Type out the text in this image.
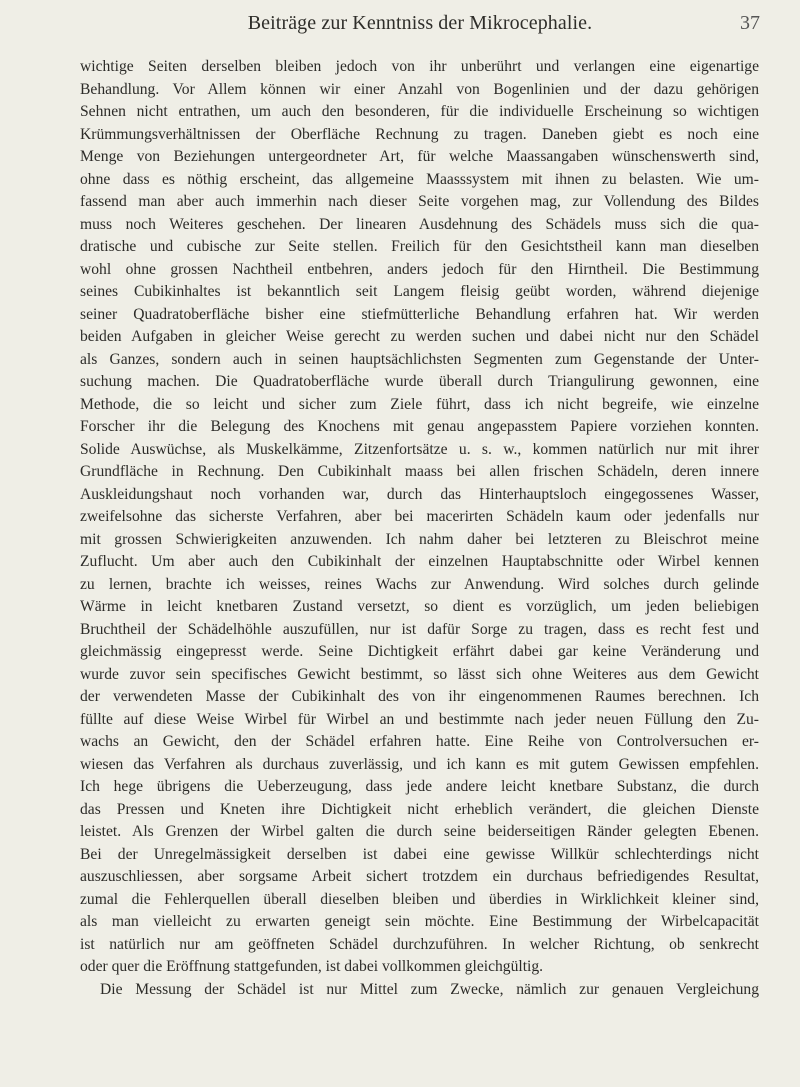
Beiträge zur Kenntniss der Mikrocephalie.	37
wichtige Seiten derselben bleiben jedoch von ihr unberührt und verlangen eine eigenartige
Behandlung. Vor Allem können wir einer Anzahl von Bogenlinien und der dazu gehörigen
Sehnen nicht entrathen, um auch den besonderen, für die individuelle Erscheinung so wichtigen
Krümmungsverhältnissen der Oberfläche Rechnung zu tragen. Daneben giebt es noch eine
Menge von Beziehungen untergeordneter Art, für welche Maassangaben wünschenswerth sind,
ohne dass es nöthig erscheint, das allgemeine Maasssystem mit ihnen zu belasten. Wie um-
fassend man aber auch immerhin nach dieser Seite vorgehen mag, zur Vollendung des Bildes
muss noch Weiteres geschehen. Der linearen Ausdehnung des Schädels muss sich die qua-
dratische und cubische zur Seite stellen. Freilich für den Gesichtstheil kann man dieselben
wohl ohne grossen Nachtheil entbehren, anders jedoch für den Hirntheil. Die Bestimmung
seines Cubikinhaltes ist bekanntlich seit Langem fleisig geübt worden, während diejenige
seiner Quadratoberfläche bisher eine stiefmütterliche Behandlung erfahren hat. Wir werden
beiden Aufgaben in gleicher Weise gerecht zu werden suchen und dabei nicht nur den Schädel
als Ganzes, sondern auch in seinen hauptsächlichsten Segmenten zum Gegenstande der Unter-
suchung machen. Die Quadratoberfläche wurde überall durch Triangulirung gewonnen, eine
Methode, die so leicht und sicher zum Ziele führt, dass ich nicht begreife, wie einzelne
Forscher ihr die Belegung des Knochens mit genau angepasstem Papiere vorziehen konnten.
Solide Auswüchse, als Muskelkämme, Zitzenfortsätze u. s. w., kommen natürlich nur mit ihrer
Grundfläche in Rechnung. Den Cubikinhalt maass bei allen frischen Schädeln, deren innere
Auskleidungshaut noch vorhanden war, durch das Hinterhauptsloch eingegossenes Wasser,
zweifelsohne das sicherste Verfahren, aber bei macerirten Schädeln kaum oder jedenfalls nur
mit grossen Schwierigkeiten anzuwenden. Ich nahm daher bei letzteren zu Bleischrot meine
Zuflucht. Um aber auch den Cubikinhalt der einzelnen Hauptabschnitte oder Wirbel kennen
zu lernen, brachte ich weisses, reines Wachs zur Anwendung. Wird solches durch gelinde
Wärme in leicht knetbaren Zustand versetzt, so dient es vorzüglich, um jeden beliebigen
Bruchtheil der Schädelhöhle auszufüllen, nur ist dafür Sorge zu tragen, dass es recht fest und
gleichmässig eingepresst werde. Seine Dichtigkeit erfährt dabei gar keine Veränderung und
wurde zuvor sein specifisches Gewicht bestimmt, so lässt sich ohne Weiteres aus dem Gewicht
der verwendeten Masse der Cubikinhalt des von ihr eingenommenen Raumes berechnen. Ich
füllte auf diese Weise Wirbel für Wirbel an und bestimmte nach jeder neuen Füllung den Zu-
wachs an Gewicht, den der Schädel erfahren hatte. Eine Reihe von Controlversuchen er-
wiesen das Verfahren als durchaus zuverlässig, und ich kann es mit gutem Gewissen empfehlen.
Ich hege übrigens die Ueberzeugung, dass jede andere leicht knetbare Substanz, die durch
das Pressen und Kneten ihre Dichtigkeit nicht erheblich verändert, die gleichen Dienste
leistet. Als Grenzen der Wirbel galten die durch seine beiderseitigen Ränder gelegten Ebenen.
Bei der Unregelmässigkeit derselben ist dabei eine gewisse Willkür schlechterdings nicht
auszuschliessen, aber sorgsame Arbeit sichert trotzdem ein durchaus befriedigendes Resultat,
zumal die Fehlerquellen überall dieselben bleiben und überdies in Wirklichkeit kleiner sind,
als man vielleicht zu erwarten geneigt sein möchte. Eine Bestimmung der Wirbelcapacität
ist natürlich nur am geöffneten Schädel durchzuführen. In welcher Richtung, ob senkrecht
oder quer die Eröffnung stattgefunden, ist dabei vollkommen gleichgültig.
Die Messung der Schädel ist nur Mittel zum Zwecke, nämlich zur genauen Vergleichung
